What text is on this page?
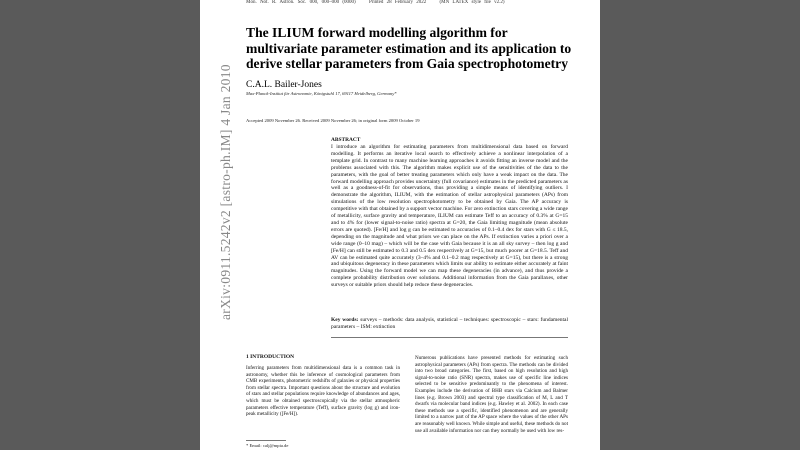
Mon. Not. R. Astron. Soc. 000, 000–000 (0000)	Printed 28 February 2022	(MN LATEX style file v2.2)
The ILIUM forward modelling algorithm for multivariate parameter estimation and its application to derive stellar parameters from Gaia spectrophotometry
C.A.L. Bailer-Jones
Max-Planck-Institut für Astronomie, Königstuhl 17, 69117 Heidelberg, Germany*
Accepted 2009 November 26. Received 2009 November 26; in original form 2009 October 19
ABSTRACT
I introduce an algorithm for estimating parameters from multidimensional data based on forward modelling. It performs an iterative local search to effectively achieve a nonlinear interpolation of a template grid. In contrast to many machine learning approaches it avoids fitting an inverse model and the problems associated with this. The algorithm makes explicit use of the sensitivities of the data to the parameters, with the goal of better treating parameters which only have a weak impact on the data. The forward modelling approach provides uncertainty (full covariance) estimates in the predicted parameters as well as a goodness-of-fit for observations, thus providing a simple means of identifying outliers. I demonstrate the algorithm, ILIUM, with the estimation of stellar astrophysical parameters (APs) from simulations of the low resolution spectrophotometry to be obtained by Gaia. The AP accuracy is competitive with that obtained by a support vector machine. For zero extinction stars covering a wide range of metallicity, surface gravity and temperature, ILIUM can estimate Teff to an accuracy of 0.3% at G=15 and to 4% for (lower signal-to-noise ratio) spectra at G=20, the Gaia limiting magnitude (mean absolute errors are quoted). [Fe/H] and log g can be estimated to accuracies of 0.1–0.4 dex for stars with G ≤ 18.5, depending on the magnitude and what priors we can place on the APs. If extinction varies a priori over a wide range (0–10 mag) – which will be the case with Gaia because it is an all sky survey – then log g and [Fe/H] can still be estimated to 0.3 and 0.5 dex respectively at G=15, but much poorer at G=18.5. Teff and AV can be estimated quite accurately (3–4% and 0.1–0.2 mag respectively at G=15), but there is a strong and ubiquitous degeneracy in these parameters which limits our ability to estimate either accurately at faint magnitudes. Using the forward model we can map these degeneracies (in advance), and thus provide a complete probability distribution over solutions. Additional information from the Gaia parallaxes, other surveys or suitable priors should help reduce these degeneracies.
Key words: surveys – methods: data analysis, statistical – techniques: spectroscopic – stars: fundamental parameters – ISM: extinction
1 INTRODUCTION
Inferring parameters from multidimensional data is a common task in astronomy, whether this be inference of cosmological parameters from CMB experiments, photometric redshifts of galaxies or physical properties from stellar spectra. Important questions about the structure and evolution of stars and stellar populations require knowledge of abundances and ages, which must be obtained spectroscopically via the stellar atmospheric parameters effective temperature (Teff), surface gravity (log g) and iron-peak metallicity ([Fe/H]).
Numerous publications have presented methods for estimating such astrophysical parameters (APs) from spectra. The methods can be divided into two broad categories. The first, based on high resolution and high signal-to-noise ratio (SNR) spectra, makes use of specific line indices selected to be sensitive predominantly to the phenomena of interest. Examples include the derivation of BHB stars via Calcium and Balmer lines (e.g. Brown 2003) and spectral type classification of M, L and T dwarfs via molecular band indices (e.g. Hawley et al. 2002). In each case these methods use a specific, identified phenomenon and are generally limited to a narrow part of the AP space where the values of the other APs are reasonably well known. While simple and useful, these methods do not use all available information nor can they normally be used with low res-
* Email: calj@mpia.de
arXiv:0911.5242v2 [astro-ph.IM] 4 Jan 2010
